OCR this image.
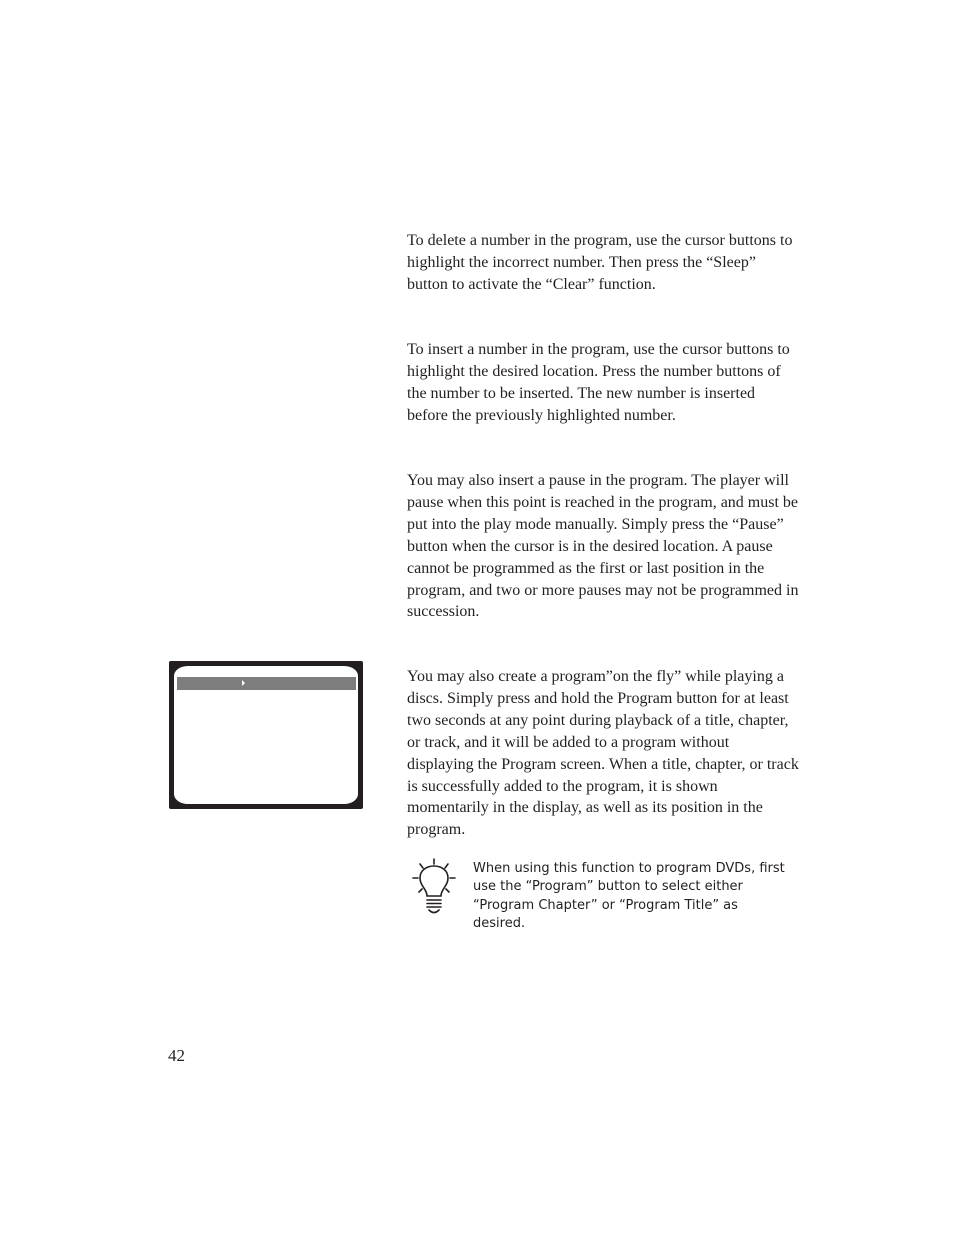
To delete a number in the program, use the cursor buttons to highlight the incorrect number. Then press the “Sleep” button to activate the “Clear” function.

To insert a number in the program, use the cursor buttons to highlight the desired location. Press the number buttons of the number to be inserted. The new number is inserted before the previously highlighted number.

You may also insert a pause in the program. The player will pause when this point is reached in the program, and must be put into the play mode manually. Simply press the “Pause” button when the cursor is in the desired location. A pause cannot be programmed as the first or last position in the program, and two or more pauses may not be programmed in succession.

You may also create a program”on the fly” while playing a discs. Simply press and hold the Program button for at least two seconds at any point during playback of a title, chapter, or track, and it will be added to a program without displaying the Program screen. When a title, chapter, or track is successfully added to the program, it is shown momentarily in the display, as well as its position in the program.

When using this function to program DVDs, first use the “Program” button to select either “Program Chapter” or “Program Title” as desired.

42
